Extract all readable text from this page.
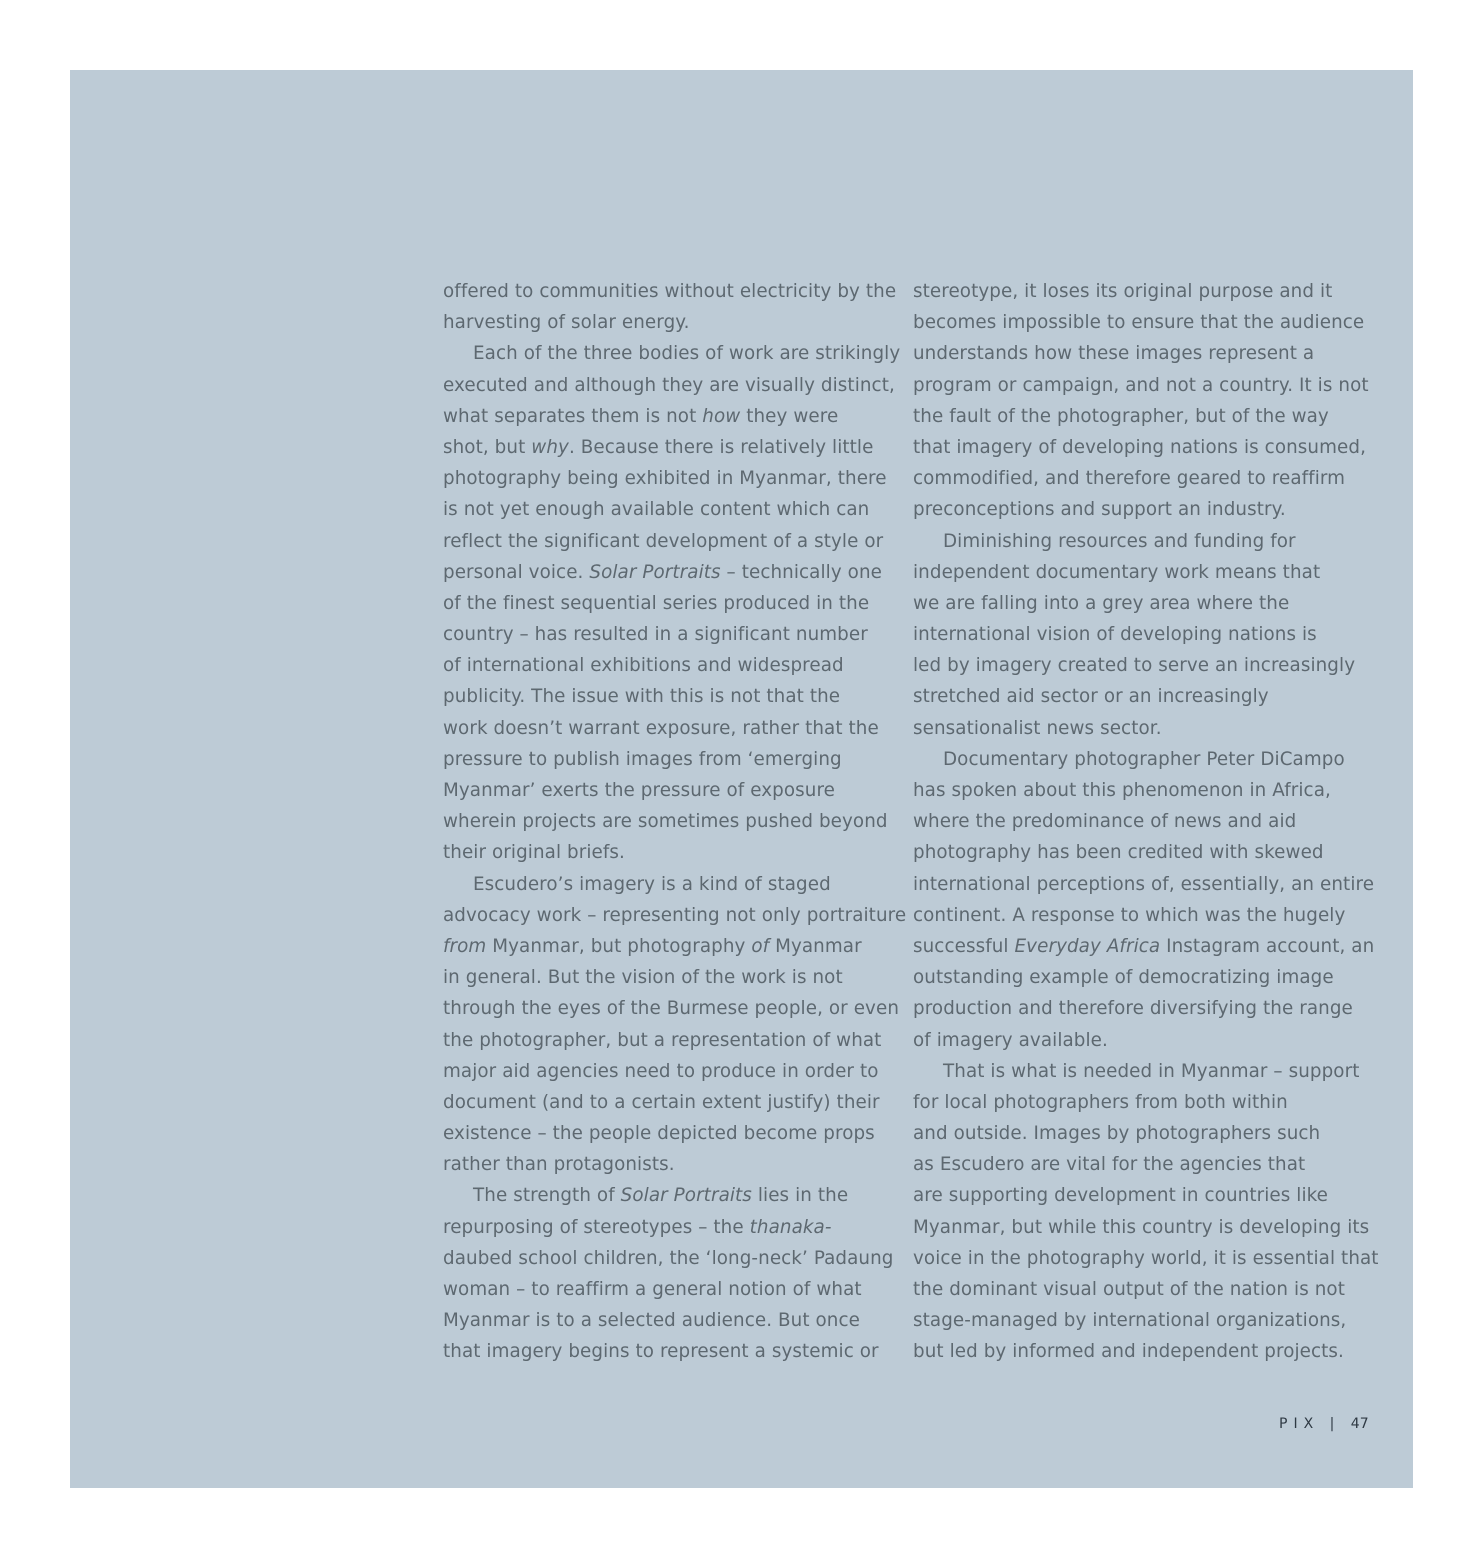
offered to communities without electricity by the
harvesting of solar energy.
Each of the three bodies of work are strikingly
executed and although they are visually distinct,
what separates them is not how they were
shot, but why. Because there is relatively little
photography being exhibited in Myanmar, there
is not yet enough available content which can
reflect the significant development of a style or
personal voice. Solar Portraits – technically one
of the finest sequential series produced in the
country – has resulted in a significant number
of international exhibitions and widespread
publicity. The issue with this is not that the
work doesn’t warrant exposure, rather that the
pressure to publish images from ‘emerging
Myanmar’ exerts the pressure of exposure
wherein projects are sometimes pushed beyond
their original briefs.
Escudero’s imagery is a kind of staged
advocacy work – representing not only portraiture
from Myanmar, but photography of Myanmar
in general. But the vision of the work is not
through the eyes of the Burmese people, or even
the photographer, but a representation of what
major aid agencies need to produce in order to
document (and to a certain extent justify) their
existence – the people depicted become props
rather than protagonists.
The strength of Solar Portraits lies in the
repurposing of stereotypes – the thanaka-
daubed school children, the ‘long-neck’ Padaung
woman – to reaffirm a general notion of what
Myanmar is to a selected audience. But once
that imagery begins to represent a systemic or
stereotype, it loses its original purpose and it
becomes impossible to ensure that the audience
understands how these images represent a
program or campaign, and not a country. It is not
the fault of the photographer, but of the way
that imagery of developing nations is consumed,
commodified, and therefore geared to reaffirm
preconceptions and support an industry.
Diminishing resources and funding for
independent documentary work means that
we are falling into a grey area where the
international vision of developing nations is
led by imagery created to serve an increasingly
stretched aid sector or an increasingly
sensationalist news sector.
Documentary photographer Peter DiCampo
has spoken about this phenomenon in Africa,
where the predominance of news and aid
photography has been credited with skewed
international perceptions of, essentially, an entire
continent. A response to which was the hugely
successful Everyday Africa Instagram account, an
outstanding example of democratizing image
production and therefore diversifying the range
of imagery available.
That is what is needed in Myanmar – support
for local photographers from both within
and outside. Images by photographers such
as Escudero are vital for the agencies that
are supporting development in countries like
Myanmar, but while this country is developing its
voice in the photography world, it is essential that
the dominant visual output of the nation is not
stage-managed by international organizations,
but led by informed and independent projects.
PIX | 47
